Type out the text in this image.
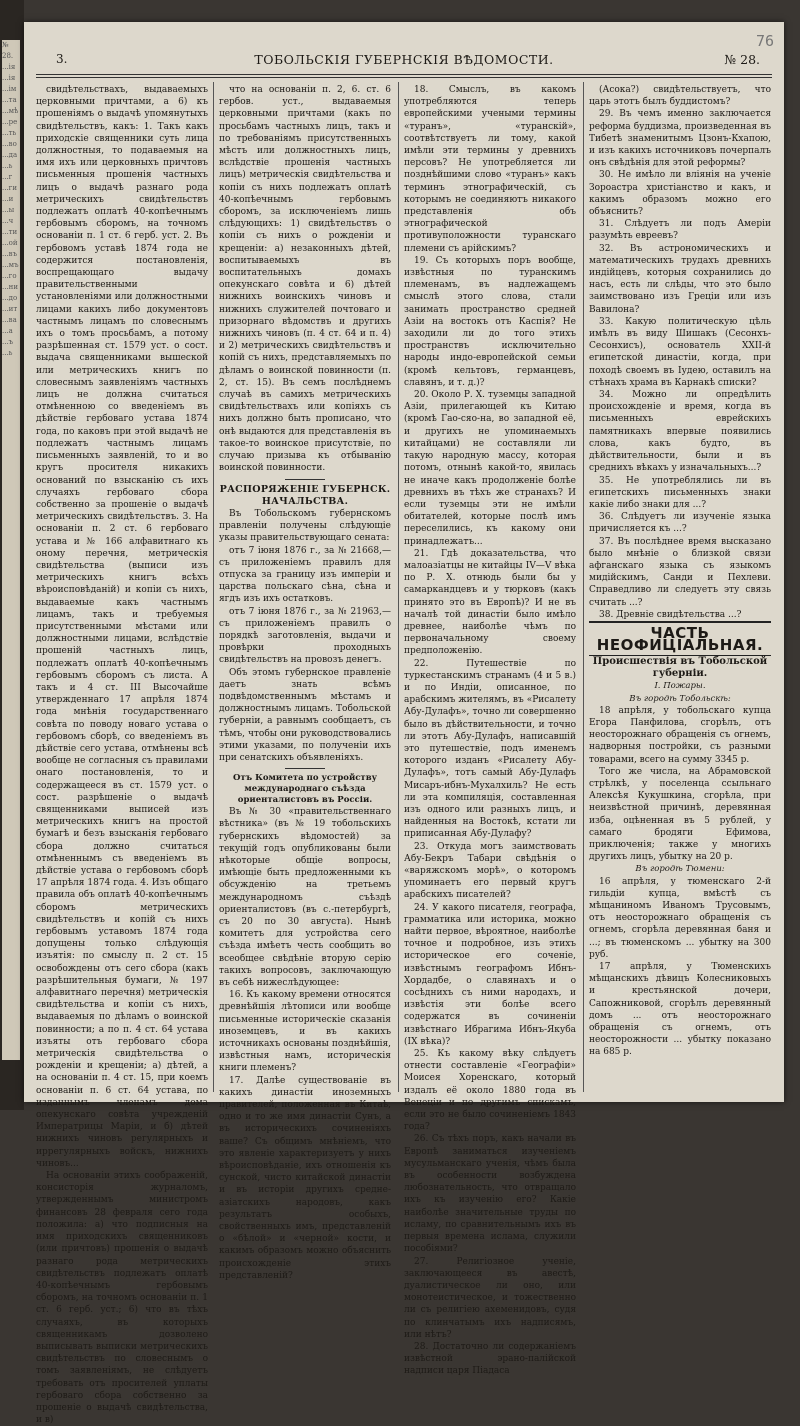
№ 28. ...ія ...ія ...ім ...та ...мѣ ...ре ...ть ...во ...да ...ь ...г ...ги ...и ...ы ...ч ...ти ...ой ...въ ...мъ ...го ...ни ...до ...ит ...ва ...а ...ъ ...ь
3.	ТОБОЛЬСКІЯ ГУБЕРНСКІЯ ВѢДОМОСТИ.	№ 28.
76

свидѣтельствахъ, выдаваемыхъ церковными причтами, а 6) къ прошеніямъ о выдачѣ упомянутыхъ свидѣтельствъ, какъ: 1. Такъ какъ приходскіе священники суть лица должностныя, то подаваемыя на имя ихъ или церковныхъ причтовъ письменныя прошенія частныхъ лицъ о выдачѣ разнаго рода метрическихъ свидѣтельствъ подлежатъ оплатѣ 40-копѣечнымъ гербовымъ сборомъ, на точномъ основаніи п. 1 ст. 6 герб. уст. 2. Въ гербовомъ уставѣ 1874 года не содержится постановленія, воспрещающаго выдачу правительственными установленіями или должностными лицами какихъ либо документовъ частнымъ лицамъ по словеснымъ ихъ о томъ просьбамъ, а потому разрѣшенная ст. 1579 уст. о сост. выдача священниками вышеской или метрическихъ книгъ по словеснымъ заявленіямъ частныхъ лицъ не должна считаться отмѣненною со введеніемъ въ дѣйствіе гербоваго устава 1874 года, по каковъ при этой выдачѣ не подлежатъ частнымъ лицамъ письменныхъ заявленій, то и во кругъ просителя никакихъ оснований по взысканію съ ихъ случаяхъ гербоваго сбора собственно за прошеніе о выдачѣ метрическихъ свидѣтельствъ. 3. На основаніи п. 2 ст. 6 гербоваго устава и № 166 алфавитнаго къ оному перечня, метрическія свидѣтельства (выписи изъ метрическихъ книгъ всѣхъ вѣроисповѣданій) и копіи съ нихъ, выдаваемые какъ частнымъ лицамъ, такъ и требуемыя присутственными мѣстами или должностными лицами, вслѣдствіе прошеній частныхъ лицъ, подлежатъ оплатѣ 40-копѣечнымъ гербовымъ сборомъ съ листа. А такъ и 4 ст. III Высочайше утвержденнаго 17 апрѣля 1874 года мнѣнія государственнаго совѣта по поводу новаго устава о гербовомъ сборѣ, со введеніемъ въ дѣйствіе сего устава, отмѣнены всѣ вообще не согласныя съ правилами онаго постановленія, то и содержащееся въ ст. 1579 уст. о сост. разрѣшеніе о выдачѣ священниками выписей изъ метрическихъ книгъ на простой бумагѣ и безъ взысканія гербоваго сбора должно считаться отмѣненнымъ съ введеніемъ въ дѣйствіе устава о гербовомъ сборѣ 17 апрѣля 1874 года. 4. Изъ общаго правила объ оплатѣ 40-копѣечнымъ сборомъ метрическихъ свидѣтельствъ и копій съ нихъ гербовымъ уставомъ 1874 года допущены только слѣдующія изъятія: по смыслу п. 2 ст. 15 освобождены отъ сего сбора (какъ разрѣшительныя бумаги, № 197 алфавитнаго перечня) метрическія свидѣтельства и копіи съ нихъ, выдаваемыя по дѣламъ о воинской повинности; а по п. 4 ст. 64 устава изъяты отъ гербоваго сбора метрическія свидѣтельства о рожденіи и крещеніи; а) дѣтей, а на основаніи п. 4 ст. 15, при коемъ основаніи п. 6 ст. 64 устава, по изданнымъ членамъ дома опекунскаго совѣта учрежденій Императрицы Маріи, и б) дѣтей нижнихъ чиновъ регулярныхъ и иррегулярныхъ войскъ, нижнихъ чиновъ...

На основаніи этихъ соображеній, консисторія журналомъ, утвержденнымъ министромъ финансовъ 28 февраля сего года положила: а) что подписныя на имя приходскихъ священниковъ (или причтовъ) прошенія о выдачѣ разнаго рода метрическихъ свидѣтельствъ подлежатъ оплатѣ 40-копѣечнымъ гербовымъ сборомъ, на точномъ основаніи п. 1 ст. 6 герб. уст.; 6) что въ тѣхъ случаяхъ, въ которыхъ священникамъ дозволено выписывать выписки метрическихъ свидѣтельствъ по словеснымъ о томъ заявленіямъ, не слѣдуетъ требовать отъ просителей уплаты гербоваго сбора собственно за прошеніе о выдачѣ свидѣтельства, и в)

что на основаніи п. 2, 6. ст. 6 гербов. уст., выдаваемыя церковными причтами (какъ по просьбамъ частныхъ лицъ, такъ и по требованіямъ присутственныхъ мѣстъ или должностныхъ лицъ, вслѣдствіе прошенія частныхъ лицъ) метрическія свидѣтельства и копіи съ нихъ подлежатъ оплатѣ 40-копѣечнымъ гербовымъ сборомъ, за исключеніемъ лишь слѣдующихъ: 1) свидѣтельствъ о копіи съ нихъ о рожденіи и крещеніи: а) незаконныхъ дѣтей, воспитываемыхъ въ воспитательныхъ домахъ опекунскаго совѣта и 6) дѣтей нижнихъ воинскихъ чиновъ и нижнихъ служителей почтоваго и призорнаго вѣдомствъ и другихъ нижнихъ чиновъ (п. 4 ст. 64 и п. 4) и 2) метрическихъ свидѣтельствъ и копій съ нихъ, представляемыхъ по дѣламъ о воинской повинности (п. 2, ст. 15). Въ семъ послѣднемъ случаѣ въ самихъ метрическихъ свидѣтельствахъ или копіяхъ съ нихъ должно быть прописано, что онѣ выдаются для представленія въ такое-то воинское присутствіе, по случаю призыва къ отбыванію воинской повинности.

РАСПОРЯЖЕНІЕ ГУБЕРНСК. НАЧАЛЬСТВА.

Въ Тобольскомъ губернскомъ правленіи получены слѣдующіе указы правительствующаго сената:

отъ 7 іюня 1876 г., за № 21668,— съ приложеніемъ правилъ для отпуска за границу изъ имперіи и царства польскаго сѣна, сѣна и ягдъ изъ ихъ остатковъ.

отъ 7 іюня 1876 г., за № 21963,— съ приложеніемъ правилъ о порядкѣ заготовленія, выдачи и провѣрки проходныхъ свидѣтельствъ на провозъ денегъ.

Объ этомъ губернское правленіе даетъ знать всѣмъ подвѣдомственнымъ мѣстамъ и должностнымъ лицамъ. Тобольской губерніи, а равнымъ сообщаетъ, съ тѣмъ, чтобы они руководствовались этими указами, по полученіи ихъ при сенатскихъ объявленіяхъ.

Отъ Комитета по устройству международнаго съѣзда ориенталистовъ въ Россіи.

Въ № 30 «правительственнаго вѣстника» (въ № 19 тобольскихъ губернскихъ вѣдомостей) за текущій годъ опубликованы были нѣкоторые общіе вопросы, имѣющіе быть предложенными къ обсужденію на третьемъ международномъ съѣздѣ ориенталистовъ (въ с.-петербургѣ, съ 20 по 30 августа). Нынѣ комитетъ для устройства сего съѣзда имѣетъ честь сообщить во всеобщее свѣдѣніе вторую серію такихъ вопросовъ, заключающую въ себѣ нижеслѣдующее:

16. Къ какому времени относятся древнѣйшія лѣтописи или вообще письменные историческіе сказанія иноземцевъ, и въ какихъ источникахъ основаны позднѣйшія, извѣстныя намъ, историческія книги племенъ?

17. Далѣе существованіе въ какихъ династіи иноземныхъ правителей, положенная въ Китаѣ, одно и то же имя династіи Сунъ, а въ историческихъ сочиненіяхъ ваше? Съ общимъ мнѣніемъ, что это явленіе характеризуетъ у нихъ вѣроисповѣданіе, ихъ отношенія къ сунской, чисто китайской династіи и въ исторіи другихъ средне-азіатскихъ народовъ, какъ результатъ особыхъ, свойственныхъ имъ, представленій о «бѣлой» и «черной» кости, и какимъ образомъ можно объяснить происхожденіе этихъ представленій?

18. Смыслъ, въ какомъ употребляются теперь европейскими учеными термины «туранъ», «туранскій», соотвѣтствуетъ ли тому, какой имѣли эти термины у древнихъ персовъ? Не употребляется ли позднѣйшими слово «туранъ» какъ терминъ этнографическій, съ которымъ не соединяютъ никакого представленія объ этнографической противуположности туранскаго племени съ арійскимъ?

19. Съ которыхъ поръ вообще, извѣстныя по туранскимъ племенамъ, въ надлежащемъ смыслѣ этого слова, стали занимать пространство средней Азіи на востокъ отъ Каспія? Не заходили ли до того этихъ пространствъ исключительно народы индо-европейской семьи (кромѣ кельтовъ, германцевъ, славянъ, и т. д.)?

20. Около Р. Х. туземцы западной Азіи, прилегающей къ Китаю (кромѣ Гао-сяо-на, во западной её, и другихъ не упоминаемыхъ китайцами) не составляли ли такую народную массу, которая потомъ, отнынѣ какой-то, явилась не иначе какъ продолженіе болѣе древнихъ въ тѣхъ же странахъ? И если туземцы эти не имѣли обитателей, которые послѣ имъ переселились, къ какому они принадлежатъ...

21. Гдѣ доказательства, что малоазіатцы не китайцы IV—V вѣка по Р. Х. отнюдь были бы у самаркандцевъ и у тюрковъ (какъ принято это въ Европѣ)? И не въ началѣ той династіи было имѣло древнее, наиболѣе чѣмъ по первоначальному своему предположенію.

22. Путешествіе по туркестанскимъ странамъ (4 и 5 в.) и по Индіи, описанное, по арабскимъ жителямъ, въ «Рисалету Абу-Дулафъ», точно ли совершенно было въ дѣйствительности, и точно ли этотъ Абу-Дулафъ, написавшій это путешествіе, подъ именемъ которого изданъ «Рисалету Абу-Дулафъ», тотъ самый Абу-Дулафъ Мисаръ-ибнъ-Мухалхиль? Не есть ли эта компиляція, составленная изъ одного или разныхъ лицъ, и найденныя на Востокѣ, кстати ли приписанная Абу-Дулафу?

23. Откуда могъ заимствовать Абу-Бекръ Табари свѣдѣнія о «варяжскомъ морѣ», о которомъ упоминаетъ его первый кругъ арабскихъ писателей?

24. У какого писателя, географа, грамматика или историка, можно найти первое, вѣроятное, наиболѣе точное и подробное, изъ этихъ историческое его соченіе, извѣстнымъ географомъ Ибнъ-Хордадбе, о славянахъ и о сосѣднихъ съ ними народахъ, и извѣстія эти болѣе всего содержатся въ сочиненіи извѣстнаго Ибрагима Ибнъ-Якуба (IX вѣка)?

25. Къ какому вѣку слѣдуетъ отнести составленіе «Географіи» Моисея Хоренскаго, который издалъ её около 1880 года въ Венеціи и по другимъ спискамъ, если это не было сочиненіемъ 1843 года?

26. Съ тѣхъ поръ, какъ начали въ Европѣ заниматься изученіемъ мусульманскаго ученія, чѣмъ была въ особенности возбуждена любознательность, что отвращало ихъ къ изученію его? Какіе наиболѣе значительные труды по исламу, по сравнительнымъ ихъ въ первыя времена ислама, служили пособіями?

27. Религіозное ученіе, заключающееся въ авестѣ, дуалистическое ли оно, или монотеистическое, и тожественно ли съ религіею ахеменидовъ, судя по клинчатымъ ихъ надписямъ, или нѣтъ?

28. Достаточно ли содержаніемъ извѣстной эрано-палійской надписи царя Піадаса

(Асока?) свидѣтельствуетъ, что царь этотъ былъ буддистомъ?

29. Въ чемъ именно заключается реформа буддизма, произведенная въ Тибетѣ знаменитымъ Цзонъ-Кхапою, и изъ какихъ источниковъ почерпалъ онъ свѣдѣнія для этой реформы?

30. Не имѣло ли вліянія на ученіе Зороастра христіанство и какъ, и какимъ образомъ можно его объяснить?

31. Слѣдуетъ ли подъ Амеріи разумѣть евреевъ?

32. Въ астрономическихъ и математическихъ трудахъ древнихъ индійцевъ, которыя сохранились до насъ, есть ли слѣды, что это было заимствовано изъ Греціи или изъ Вавилона?

33. Какую политическую цѣль имѣлъ въ виду Шишакъ (Сесонхъ-Сесонхисъ), основатель XXII-й египетской династіи, когда, при походѣ своемъ въ Іудею, оставилъ на стѣнахъ храма въ Карнакѣ списки?

34. Можно ли опредѣлить происхожденіе и время, когда въ письменныхъ еврейскихъ памятникахъ впервые появились слова, какъ будто, въ дѣйствительности, были и въ среднихъ вѣкахъ у изначальныхъ...?

35. Не употреблялись ли въ египетскихъ письменныхъ знаки какіе либо знаки для ...?

36. Слѣдуетъ ли изученіе языка причисляется къ ...?

37. Въ послѣднее время высказано было мнѣніе о близкой связи афганскаго языка съ языкомъ мидійскимъ, Санди и Пехлеви. Справедливо ли следуетъ эту связь считать ...?

38. Древніе свидѣтельства ...?

ЧАСТЬ НЕОФИЦІАЛЬНАЯ.

Происшествія въ Тобольской губерніи.

I. Пожары.

Въ городѣ Тобольскѣ:

18 апрѣля, у тобольскаго купца Егора Панфилова, сгорѣлъ, отъ неосторожнаго обращенія съ огнемъ, надворныя постройки, съ разными товарами, всего на сумму 3345 р.

Того же числа, на Абрамовской стрѣлкѣ, у поселенца ссыльнаго Алексѣя Кукушкина, сгорѣла, при неизвѣстной причинѣ, деревянная изба, оцѣненная въ 5 рублей, у самаго бродяги Ефимова, приключенія; также у многихъ другихъ лицъ, убытку на 20 р.

Въ городѣ Тюмени:

16 апрѣля, у тюменскаго 2-й гильдіи купца, вмѣстѣ съ мѣщаниномъ Иваномъ Трусовымъ, отъ неосторожнаго обращенія съ огнемъ, сгорѣла деревянная баня и ...; въ тюменскомъ ... убытку на 300 руб.

17 апрѣля, у Тюменскихъ мѣщанскихъ дѣвицъ Колесниковыхъ и крестьянской дочери, Сапожниковой, сгорѣлъ деревянный домъ ... отъ неосторожнаго обращенія съ огнемъ, отъ неосторожности ... убытку показано на 685 р.
